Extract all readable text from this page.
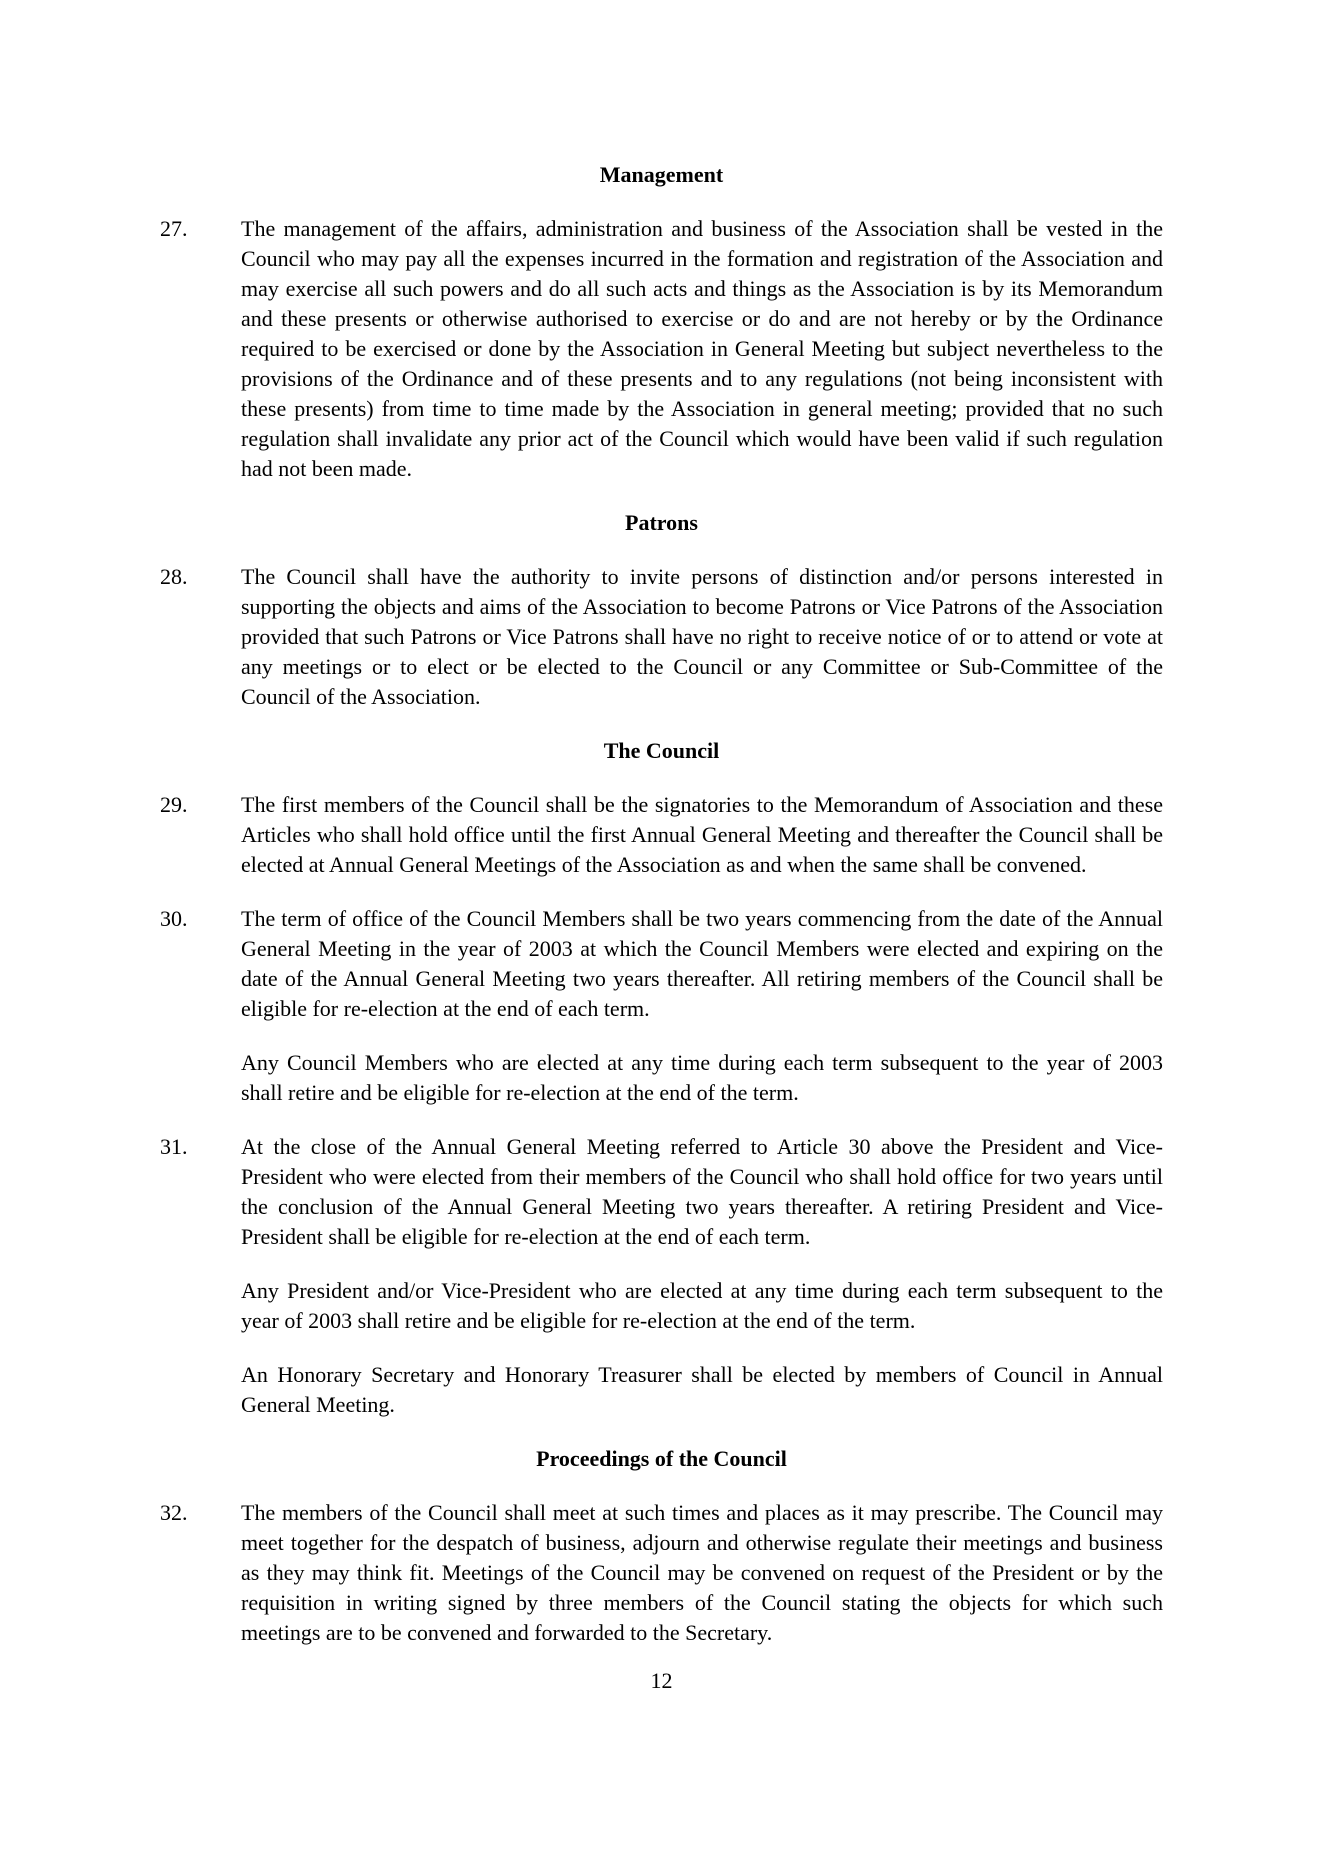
Management
27.	The management of the affairs, administration and business of the Association shall be vested in the Council who may pay all the expenses incurred in the formation and registration of the Association and may exercise all such powers and do all such acts and things as the Association is by its Memorandum and these presents or otherwise authorised to exercise or do and are not hereby or by the Ordinance required to be exercised or done by the Association in General Meeting but subject nevertheless to the provisions of the Ordinance and of these presents and to any regulations (not being inconsistent with these presents) from time to time made by the Association in general meeting; provided that no such regulation shall invalidate any prior act of the Council which would have been valid if such regulation had not been made.
Patrons
28.	The Council shall have the authority to invite persons of distinction and/or persons interested in supporting the objects and aims of the Association to become Patrons or Vice Patrons of the Association provided that such Patrons or Vice Patrons shall have no right to receive notice of or to attend or vote at any meetings or to elect or be elected to the Council or any Committee or Sub-Committee of the Council of the Association.
The Council
29.	The first members of the Council shall be the signatories to the Memorandum of Association and these Articles who shall hold office until the first Annual General Meeting and thereafter the Council shall be elected at Annual General Meetings of the Association as and when the same shall be convened.
30.	The term of office of the Council Members shall be two years commencing from the date of the Annual General Meeting in the year of 2003 at which the Council Members were elected and expiring on the date of the Annual General Meeting two years thereafter. All retiring members of the Council shall be eligible for re-election at the end of each term.
Any Council Members who are elected at any time during each term subsequent to the year of 2003 shall retire and be eligible for re-election at the end of the term.
31.	At the close of the Annual General Meeting referred to Article 30 above the President and Vice-President who were elected from their members of the Council who shall hold office for two years until the conclusion of the Annual General Meeting two years thereafter. A retiring President and Vice-President shall be eligible for re-election at the end of each term.
Any President and/or Vice-President who are elected at any time during each term subsequent to the year of 2003 shall retire and be eligible for re-election at the end of the term.
An Honorary Secretary and Honorary Treasurer shall be elected by members of Council in Annual General Meeting.
Proceedings of the Council
32.	The members of the Council shall meet at such times and places as it may prescribe. The Council may meet together for the despatch of business, adjourn and otherwise regulate their meetings and business as they may think fit. Meetings of the Council may be convened on request of the President or by the requisition in writing signed by three members of the Council stating the objects for which such meetings are to be convened and forwarded to the Secretary.
12
